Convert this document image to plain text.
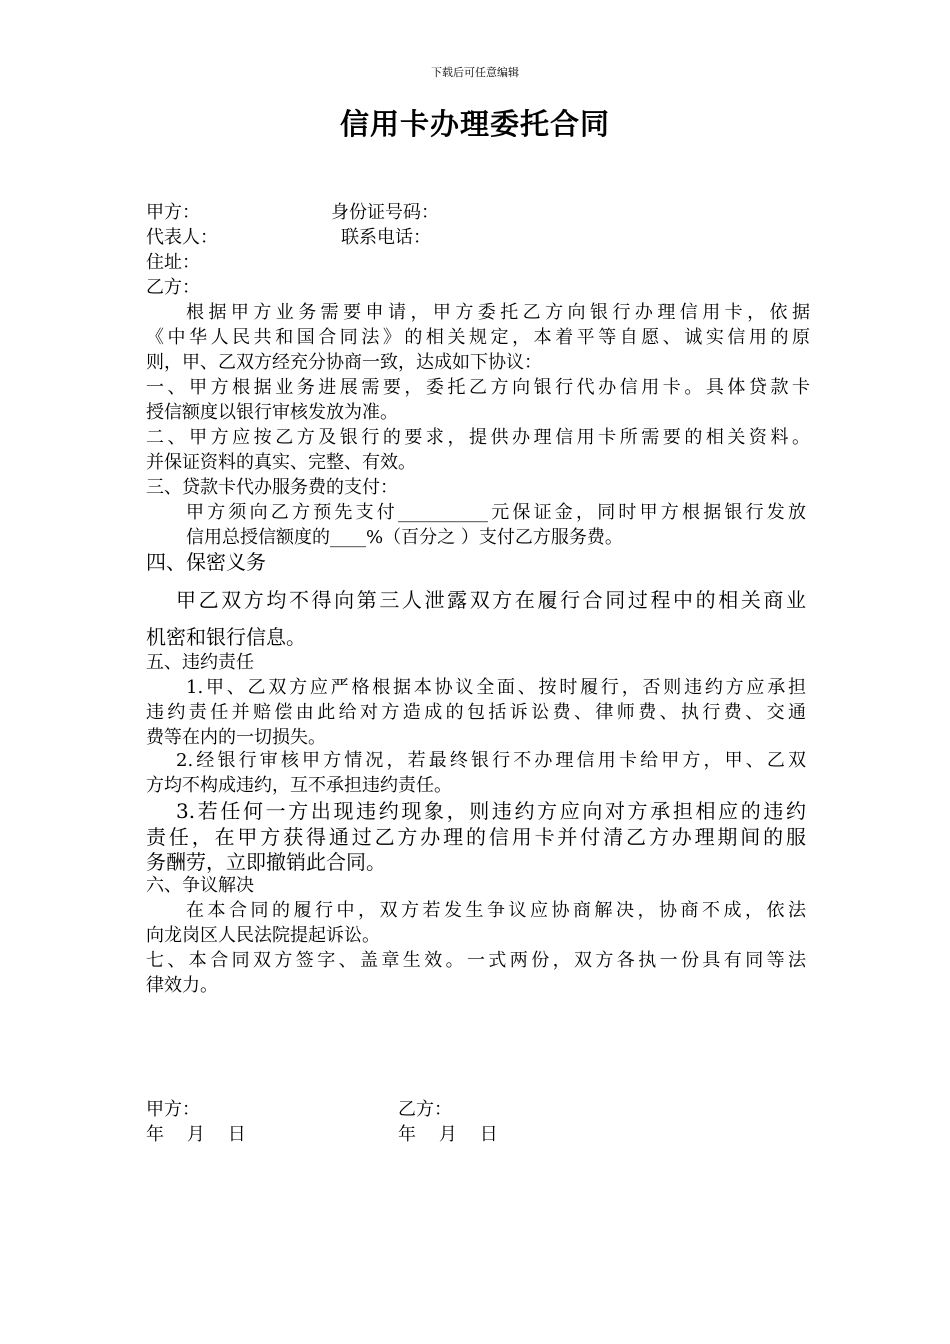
下载后可任意编辑
信用卡办理委托合同
甲方：	身份证号码：
代表人：	联系电话：
住址：
乙方：
根据甲方业务需要申请，甲方委托乙方向银行办理信用卡，依据
《中华人民共和国合同法》的相关规定，本着平等自愿、诚实信用的原
则，甲、乙双方经充分协商一致，达成如下协议：
一、甲方根据业务进展需要，委托乙方向银行代办信用卡。具体贷款卡
授信额度以银行审核发放为准。
二、甲方应按乙方及银行的要求，提供办理信用卡所需要的相关资料。
并保证资料的真实、完整、有效。
三、贷款卡代办服务费的支付：
甲方须向乙方预先支付__________元保证金，同时甲方根据银行发放
信用总授信额度的____%（百分之 ）支付乙方服务费。
四、保密义务
甲乙双方均不得向第三人泄露双方在履行合同过程中的相关商业
机密和银行信息。
五、违约责任
1.甲、乙双方应严格根据本协议全面、按时履行，否则违约方应承担
违约责任并赔偿由此给对方造成的包括诉讼费、律师费、执行费、交通
费等在内的一切损失。
2.经银行审核甲方情况，若最终银行不办理信用卡给甲方，甲、乙双
方均不构成违约，互不承担违约责任。
3.若任何一方出现违约现象，则违约方应向对方承担相应的违约
责任，在甲方获得通过乙方办理的信用卡并付清乙方办理期间的服
务酬劳，立即撤销此合同。
六、争议解决
在本合同的履行中，双方若发生争议应协商解决，协商不成，依法
向龙岗区人民法院提起诉讼。
七、本合同双方签字、盖章生效。一式两份，双方各执一份具有同等法
律效力。
甲方：	乙方：
年    月    日	年    月    日
